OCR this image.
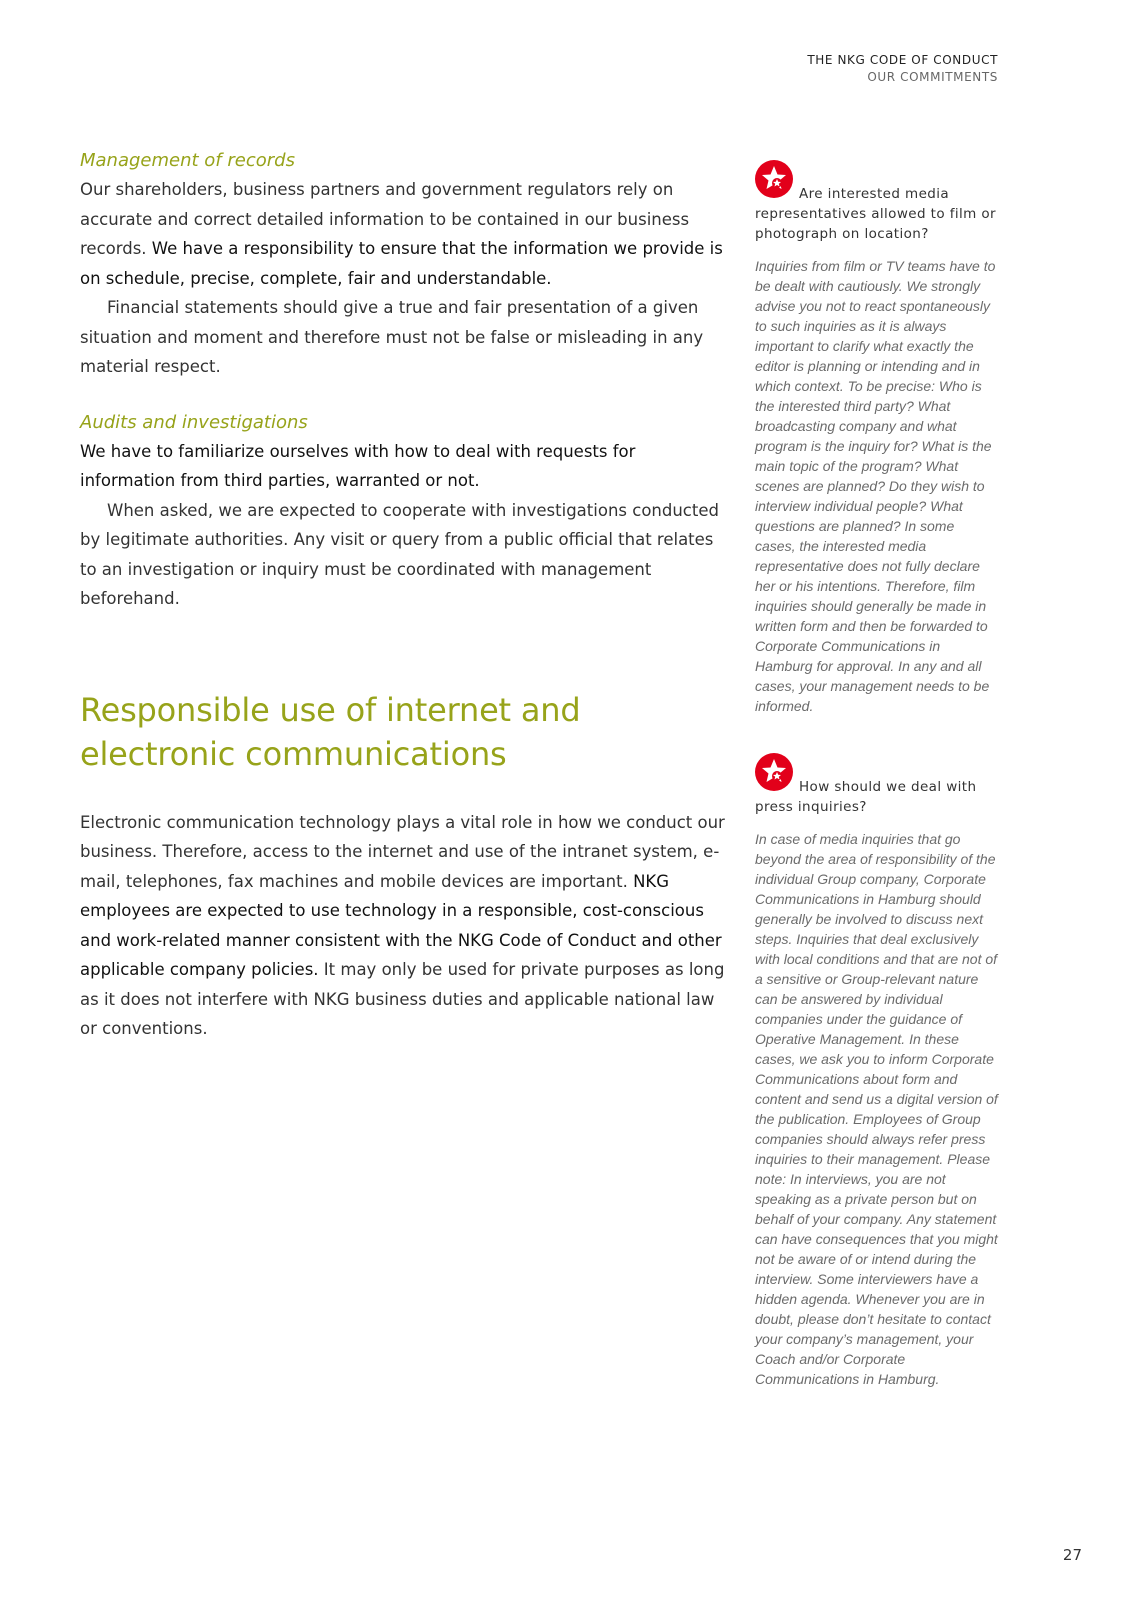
THE NKG CODE OF CONDUCT
OUR COMMITMENTS
Management of records

Our shareholders, business partners and government regulators rely on accurate and correct detailed information to be contained in our business records. We have a responsibility to ensure that the information we provide is on schedule, precise, complete, fair and understandable.

Financial statements should give a true and fair presentation of a given situation and moment and therefore must not be false or misleading in any material respect.

Audits and investigations

We have to familiarize ourselves with how to deal with requests for information from third parties, warranted or not.

When asked, we are expected to cooperate with investigations conducted by legitimate authorities. Any visit or query from a public official that relates to an investigation or inquiry must be coordinated with management beforehand.

Responsible use of internet and electronic communications

Electronic communication technology plays a vital role in how we conduct our business. Therefore, access to the internet and use of the intranet system, e-mail, telephones, fax machines and mobile devices are important. NKG employees are expected to use technology in a responsible, cost-conscious and work-related manner consistent with the NKG Code of Conduct and other applicable company policies. It may only be used for private purposes as long as it does not interfere with NKG business duties and applicable national law or conventions.

Are interested media representatives allowed to film or photograph on location?

Inquiries from film or TV teams have to be dealt with cautiously. We strongly advise you not to react spontaneously to such inquiries as it is always important to clarify what exactly the editor is planning or intending and in which context. To be precise: Who is the interested third party? What broadcasting company and what program is the inquiry for? What is the main topic of the program? What scenes are planned? Do they wish to interview individual people? What questions are planned? In some cases, the interested media representative does not fully declare her or his intentions. Therefore, film inquiries should generally be made in written form and then be forwarded to Corporate Communications in Hamburg for approval. In any and all cases, your management needs to be informed.

How should we deal with press inquiries?

In case of media inquiries that go beyond the area of responsibility of the individual Group company, Corporate Communications in Hamburg should generally be involved to discuss next steps. Inquiries that deal exclusively with local conditions and that are not of a sensitive or Group-relevant nature can be answered by individual companies under the guidance of Operative Management. In these cases, we ask you to inform Corporate Communications about form and content and send us a digital version of the publication. Employees of Group companies should always refer press inquiries to their management. Please note: In interviews, you are not speaking as a private person but on behalf of your company. Any statement can have consequences that you might not be aware of or intend during the interview. Some interviewers have a hidden agenda. Whenever you are in doubt, please don’t hesitate to contact your company’s management, your Coach and/or Corporate Communications in Hamburg.

27
